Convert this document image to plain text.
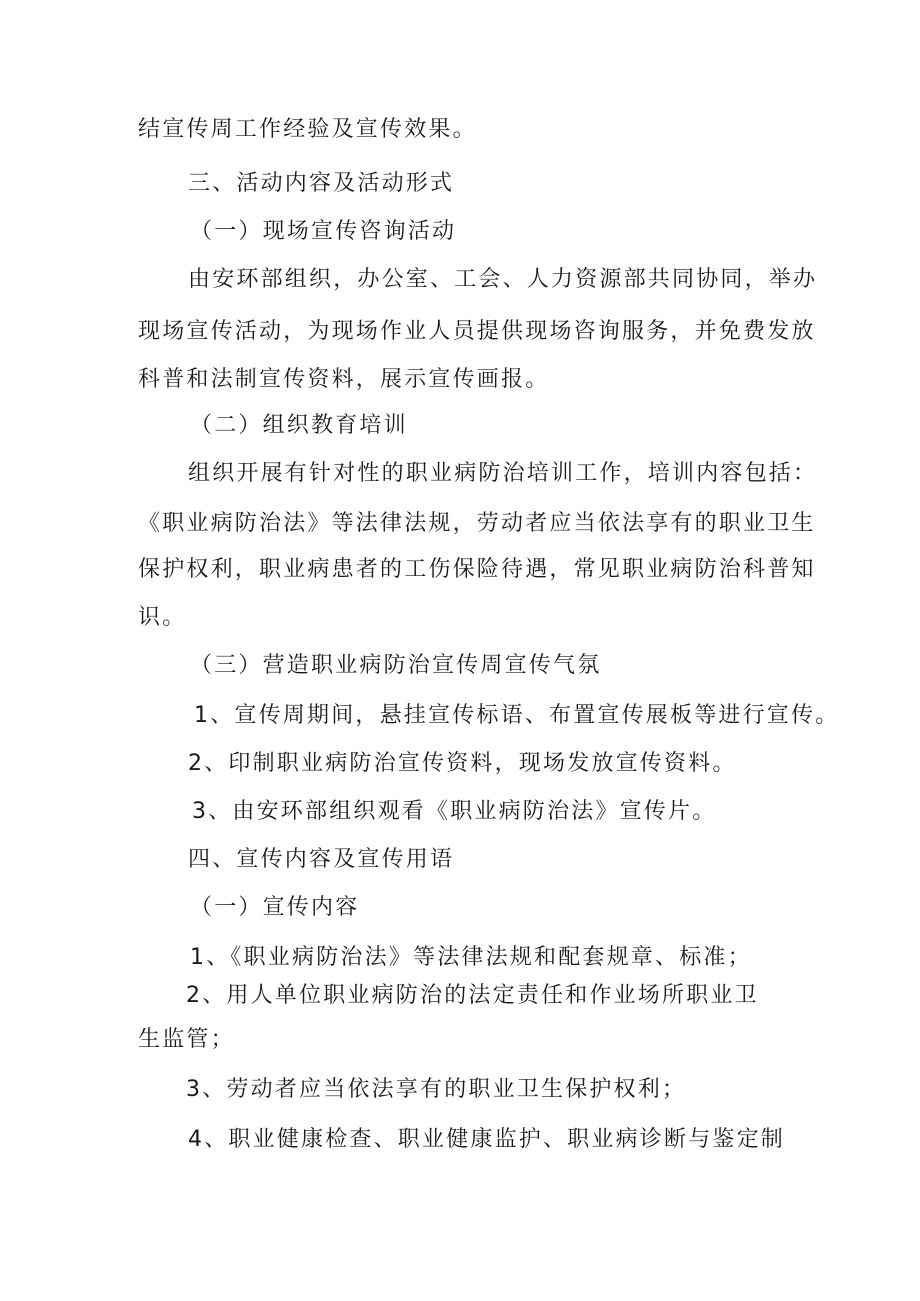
结宣传周工作经验及宣传效果。
三、活动内容及活动形式
（一）现场宣传咨询活动
由安环部组织，办公室、工会、人力资源部共同协同，举办
现场宣传活动，为现场作业人员提供现场咨询服务，并免费发放
科普和法制宣传资料，展示宣传画报。
（二）组织教育培训
组织开展有针对性的职业病防治培训工作，培训内容包括：
《职业病防治法》等法律法规，劳动者应当依法享有的职业卫生
保护权利，职业病患者的工伤保险待遇，常见职业病防治科普知
识。
（三）营造职业病防治宣传周宣传气氛
1、宣传周期间，悬挂宣传标语、布置宣传展板等进行宣传。
2、印制职业病防治宣传资料，现场发放宣传资料。
3、由安环部组织观看《职业病防治法》宣传片。
四、宣传内容及宣传用语
（一）宣传内容
1、《职业病防治法》等法律法规和配套规章、标准；
2、用人单位职业病防治的法定责任和作业场所职业卫
生监管；
3、劳动者应当依法享有的职业卫生保护权利；
4、职业健康检查、职业健康监护、职业病诊断与鉴定制
